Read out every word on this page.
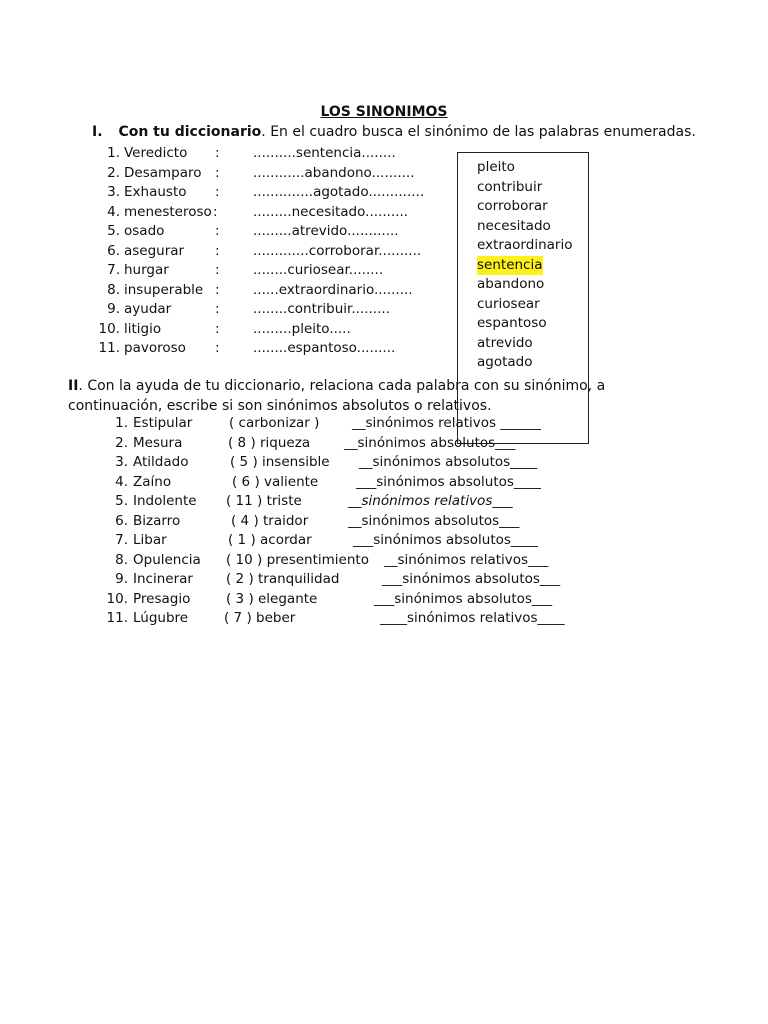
LOS SINONIMOS
I. Con tu diccionario. En el cuadro busca el sinónimo de las palabras enumeradas.
1. Veredicto : ..........sentencia........
2. Desamparo : ............abandono..........
3. Exhausto : ..............agotado.............
4. menesteroso :	.........necesitado..........
5. osado	: .........atrevido............
6. asegurar : .............corroborar..........
7. hurgar	: ........curiosear........
8. insuperable : ......extraordinario.........
9. ayudar	: ........contribuir.........
10. litigio	: .........pleito.....
11. pavoroso : ........espantoso.........
pleito
contribuir
corroborar
necesitado
extraordinario
sentencia
abandono
curiosear
espantoso
atrevido
agotado
II. Con la ayuda de tu diccionario, relaciona cada palabra con su sinónimo, a continuación, escribe si son sinónimos absolutos o relativos.
1. Estipular	( carbonizar ) __sinónimos relativos ______
2. Mesura	( 8 ) riqueza	__sinónimos absolutos___
3. Atildado	( 5 ) insensible __sinónimos absolutos____
4. Zaíno	( 6 ) valiente	___sinónimos absolutos____
5. Indolente ( 11 ) triste	__sinónimos relativos___
6. Bizarro	( 4 ) traidor	__sinónimos absolutos___
7. Libar	( 1 ) acordar	___sinónimos absolutos____
8. Opulencia ( 10 ) presentimiento __sinónimos relativos___
9. Incinerar ( 2 ) tranquilidad	___sinónimos absolutos___
10. Presagio	( 3 ) elegante	___sinónimos absolutos___
11. Lúgubre	( 7 ) beber	____sinónimos relativos____
